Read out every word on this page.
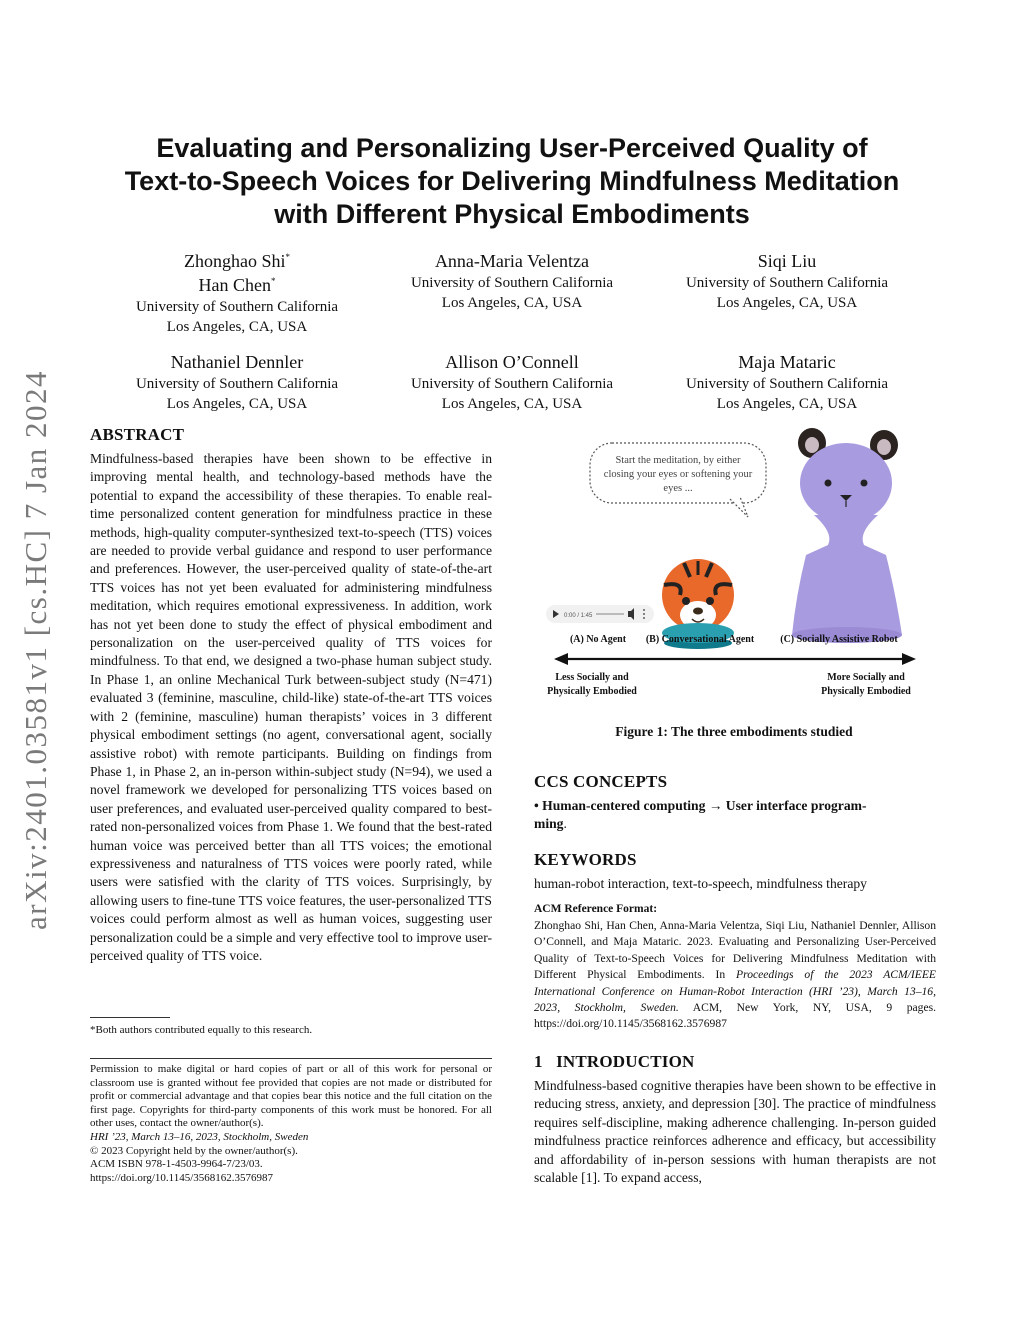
arXiv:2401.03581v1 [cs.HC] 7 Jan 2024
Evaluating and Personalizing User-Perceived Quality of
Text-to-Speech Voices for Delivering Mindfulness Meditation
with Different Physical Embodiments
Zhonghao Shi*
Han Chen*
University of Southern California
Los Angeles, CA, USA
Anna-Maria Velentza
University of Southern California
Los Angeles, CA, USA
Siqi Liu
University of Southern California
Los Angeles, CA, USA
Nathaniel Dennler
University of Southern California
Los Angeles, CA, USA
Allison O’Connell
University of Southern California
Los Angeles, CA, USA
Maja Mataric
University of Southern California
Los Angeles, CA, USA
ABSTRACT
Mindfulness-based therapies have been shown to be effective in improving mental health, and technology-based methods have the potential to expand the accessibility of these therapies. To enable real-time personalized content generation for mindfulness practice in these methods, high-quality computer-synthesized text-to-speech (TTS) voices are needed to provide verbal guidance and respond to user performance and preferences. However, the user-perceived quality of state-of-the-art TTS voices has not yet been evaluated for administering mindfulness meditation, which requires emotional expressiveness. In addition, work has not yet been done to study the effect of physical embodiment and personalization on the user-perceived quality of TTS voices for mindfulness. To that end, we designed a two-phase human subject study. In Phase 1, an online Mechanical Turk between-subject study (N=471) evaluated 3 (feminine, masculine, child-like) state-of-the-art TTS voices with 2 (feminine, masculine) human therapists’ voices in 3 different physical embodiment settings (no agent, conversational agent, socially assistive robot) with remote participants. Building on findings from Phase 1, in Phase 2, an in-person within-subject study (N=94), we used a novel framework we developed for personalizing TTS voices based on user preferences, and evaluated user-perceived quality compared to best-rated non-personalized voices from Phase 1. We found that the best-rated human voice was perceived better than all TTS voices; the emotional expressiveness and naturalness of TTS voices were poorly rated, while users were satisfied with the clarity of TTS voices. Surprisingly, by allowing users to fine-tune TTS voice features, the user-personalized TTS voices could perform almost as well as human voices, suggesting user personalization could be a simple and very effective tool to improve user-perceived quality of TTS voice.
*Both authors contributed equally to this research.
Permission to make digital or hard copies of part or all of this work for personal or classroom use is granted without fee provided that copies are not made or distributed for profit or commercial advantage and that copies bear this notice and the full citation on the first page. Copyrights for third-party components of this work must be honored. For all other uses, contact the owner/author(s).
HRI ’23, March 13–16, 2023, Stockholm, Sweden
© 2023 Copyright held by the owner/author(s).
ACM ISBN 978-1-4503-9964-7/23/03.
https://doi.org/10.1145/3568162.3576987
Start the meditation, by either
closing your eyes or softening your
eyes ...
0:00 / 1:45
(A) No Agent (B) Conversational Agent	(C) Socially Assistive Robot
Less Socially and
Physically Embodied
More Socially and
Physically Embodied
Figure 1: The three embodiments studied
CCS CONCEPTS
• Human-centered computing → User interface program-
ming.
KEYWORDS
human-robot interaction, text-to-speech, mindfulness therapy
ACM Reference Format:
Zhonghao Shi, Han Chen, Anna-Maria Velentza, Siqi Liu, Nathaniel Dennler, Allison O’Connell, and Maja Mataric. 2023. Evaluating and Personalizing User-Perceived Quality of Text-to-Speech Voices for Delivering Mindfulness Meditation with Different Physical Embodiments. In Proceedings of the 2023 ACM/IEEE International Conference on Human-Robot Interaction (HRI ’23), March 13–16, 2023, Stockholm, Sweden. ACM, New York, NY, USA, 9 pages. https://doi.org/10.1145/3568162.3576987
1 INTRODUCTION
Mindfulness-based cognitive therapies have been shown to be effective in reducing stress, anxiety, and depression [30]. The practice of mindfulness requires self-discipline, making adherence challenging. In-person guided mindfulness practice reinforces adherence and efficacy, but accessibility and affordability of in-person sessions with human therapists are not scalable [1]. To expand access,
